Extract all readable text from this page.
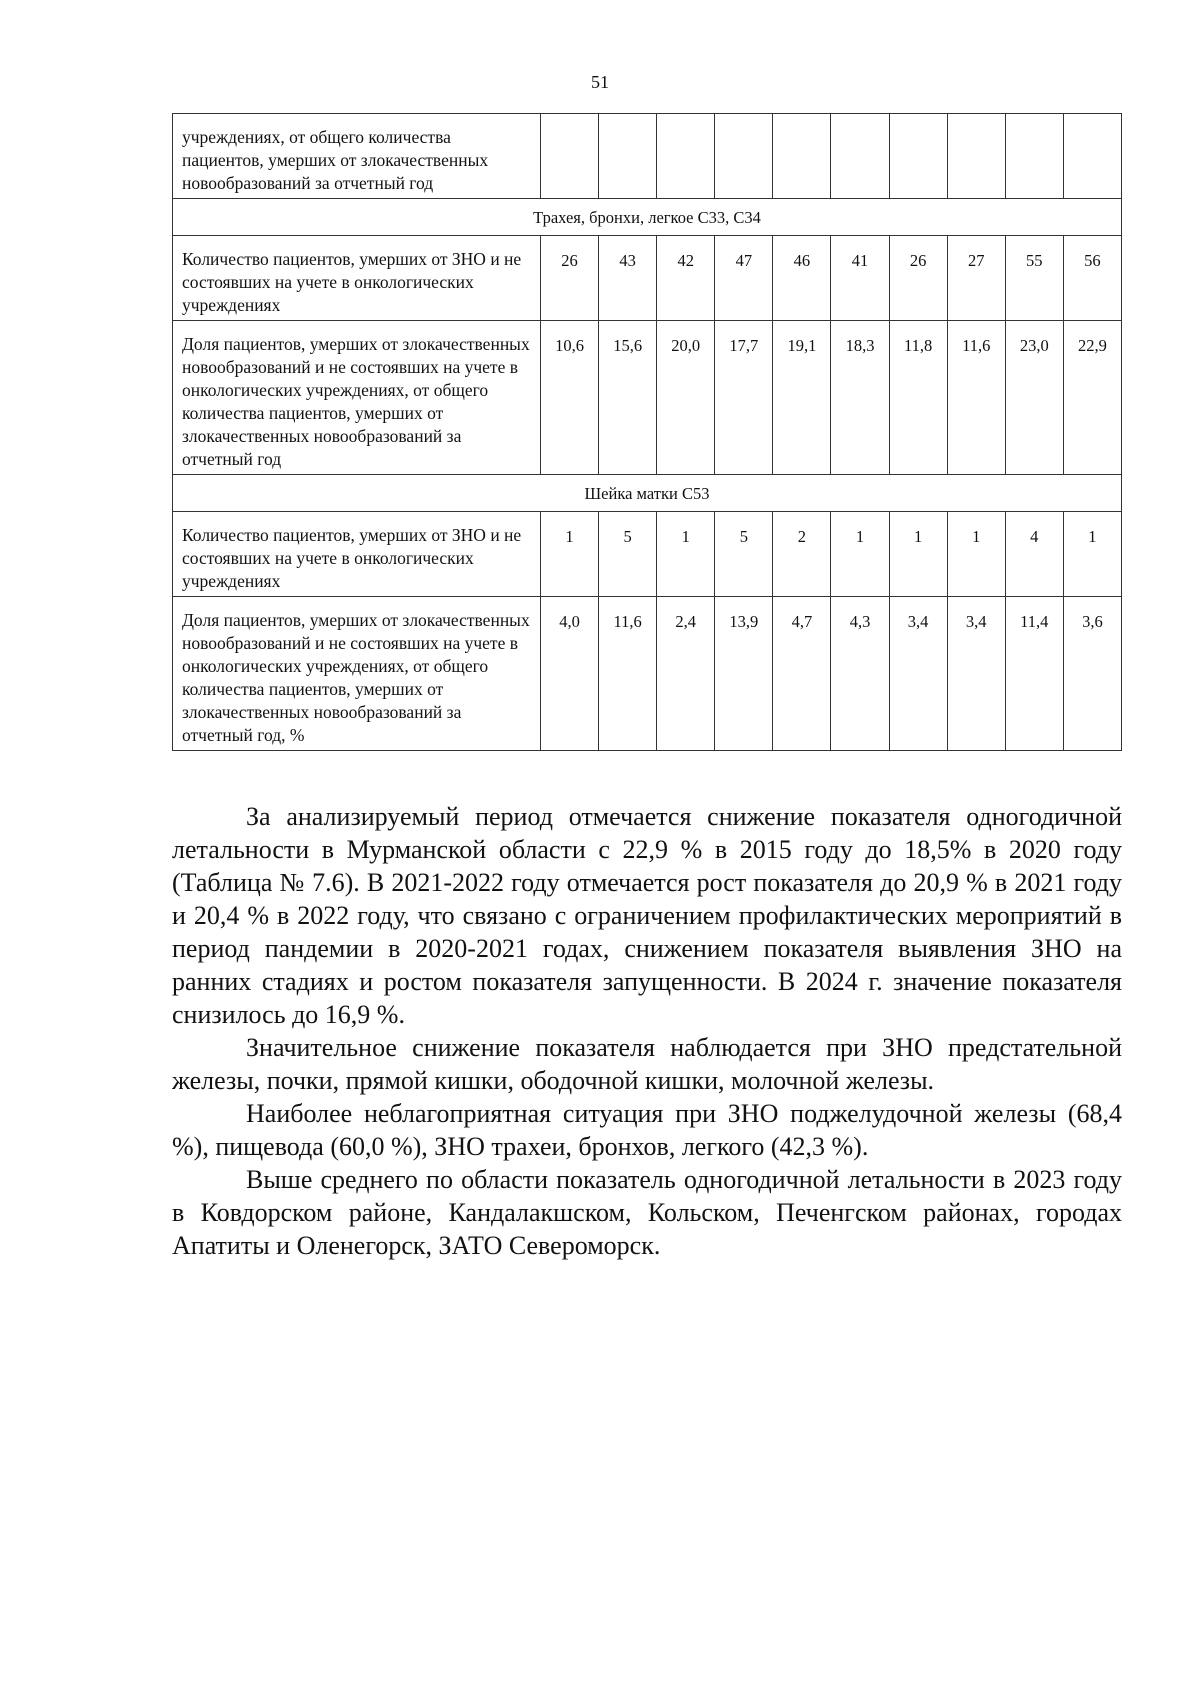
51
учреждениях, от общего количества пациентов, умерших от злокачественных новообразований за отчетный год										
Трахея, бронхи, легкое С33, С34										
Количество пациентов, умерших от ЗНО и не состоявших на учете в онкологических учреждениях	26	43	42	47	46	41	26	27	55	56
Доля пациентов, умерших от злокачественных новообразований и не состоявших на учете в онкологических учреждениях, от общего количества пациентов, умерших от злокачественных новообразований за отчетный год	10,6	15,6	20,0	17,7	19,1	18,3	11,8	11,6	23,0	22,9
Шейка матки С53										
Количество пациентов, умерших от ЗНО и не состоявших на учете в онкологических учреждениях	1	5	1	5	2	1	1	1	4	1
Доля пациентов, умерших от злокачественных новообразований и не состоявших на учете в онкологических учреждениях, от общего количества пациентов, умерших от злокачественных новообразований за отчетный год, %	4,0	11,6	2,4	13,9	4,7	4,3	3,4	3,4	11,4	3,6

За анализируемый период отмечается снижение показателя одногодичной летальности в Мурманской области с 22,9 % в 2015 году до 18,5% в 2020 году (Таблица № 7.6). В 2021-2022 году отмечается рост показателя до 20,9 % в 2021 году и 20,4 % в 2022 году, что связано с ограничением профилактических мероприятий в период пандемии в 2020-2021 годах, снижением показателя выявления ЗНО на ранних стадиях и ростом показателя запущенности. В 2024 г. значение показателя снизилось до 16,9 %.

Значительное снижение показателя наблюдается при ЗНО предстательной железы, почки, прямой кишки, ободочной кишки, молочной железы.

Наиболее неблагоприятная ситуация при ЗНО поджелудочной железы (68,4 %), пищевода (60,0 %), ЗНО трахеи, бронхов, легкого (42,3 %).

Выше среднего по области показатель одногодичной летальности в 2023 году в Ковдорском районе, Кандалакшском, Кольском, Печенгском районах, городах Апатиты и Оленегорск, ЗАТО Североморск.
